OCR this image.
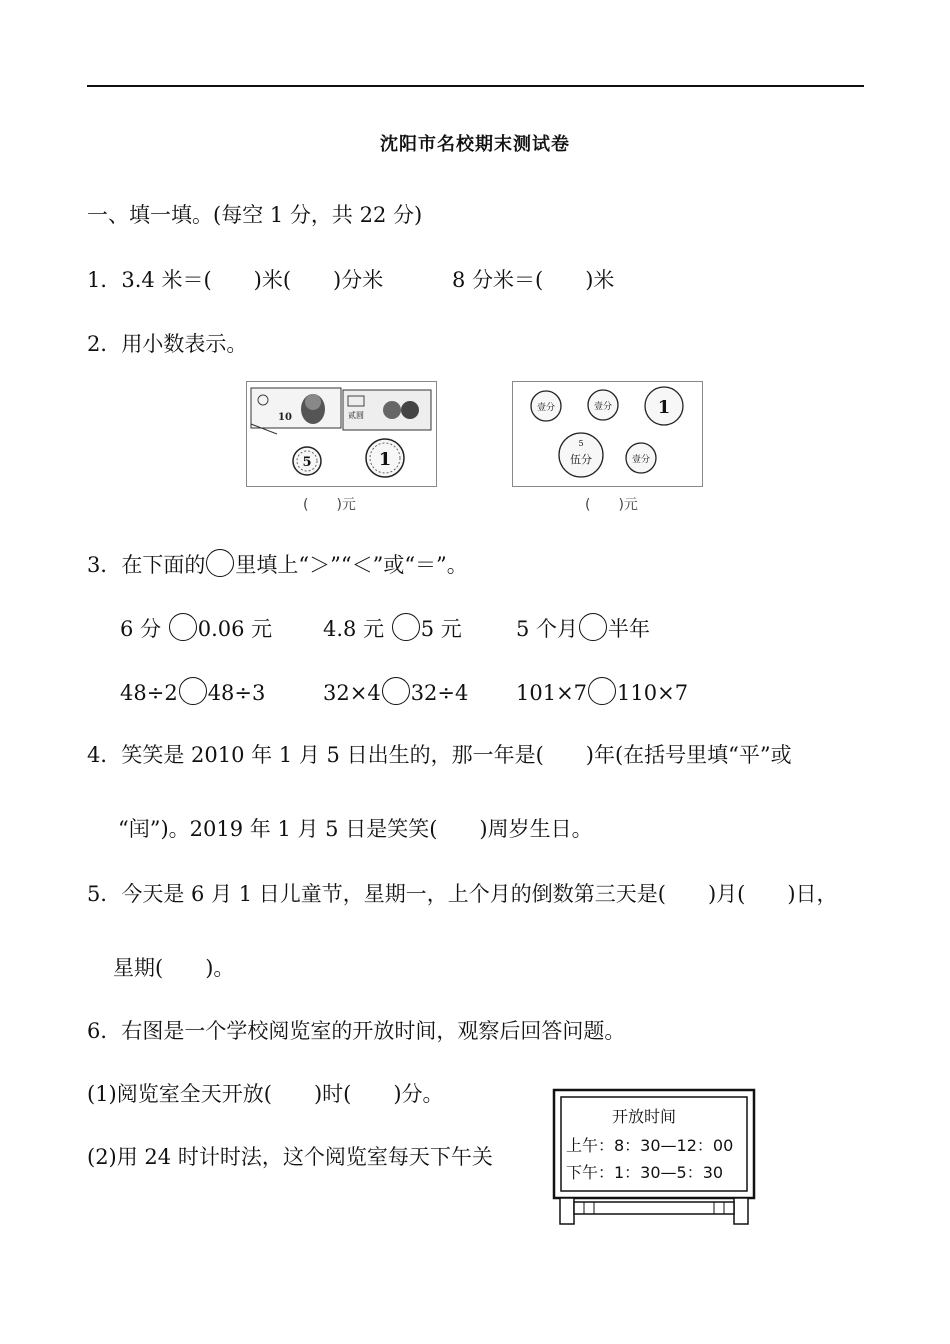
沈阳市名校期末测试卷
一、填一填。(每空 1 分，共 22 分)
1．3.4 米＝(　　)米(　　)分米	8 分米＝(　　)米
2．用小数表示。
10	贰圆
5	1
(　　)元
壹分	壹分	1
5
伍分	壹分
(　　)元
3．在下面的 里填上“＞”“＜”或“＝”。
6 分 0.06 元 4.8 元 5 元	5 个月 半年
48÷2 48÷3	32×4 32÷4 101×7 110×7
4．笑笑是 2010 年 1 月 5 日出生的，那一年是(　　)年(在括号里填“平”或
“闰”)。2019 年 1 月 5 日是笑笑(　　)周岁生日。
5．今天是 6 月 1 日儿童节，星期一，上个月的倒数第三天是(　　)月(　　)日，
星期(　　)。
6．右图是一个学校阅览室的开放时间，观察后回答问题。
(1)阅览室全天开放(　　)时(　　)分。
(2)用 24 时计时法，这个阅览室每天下午关
开放时间
上午：8：30—12：00
下午：1：30—5：30
